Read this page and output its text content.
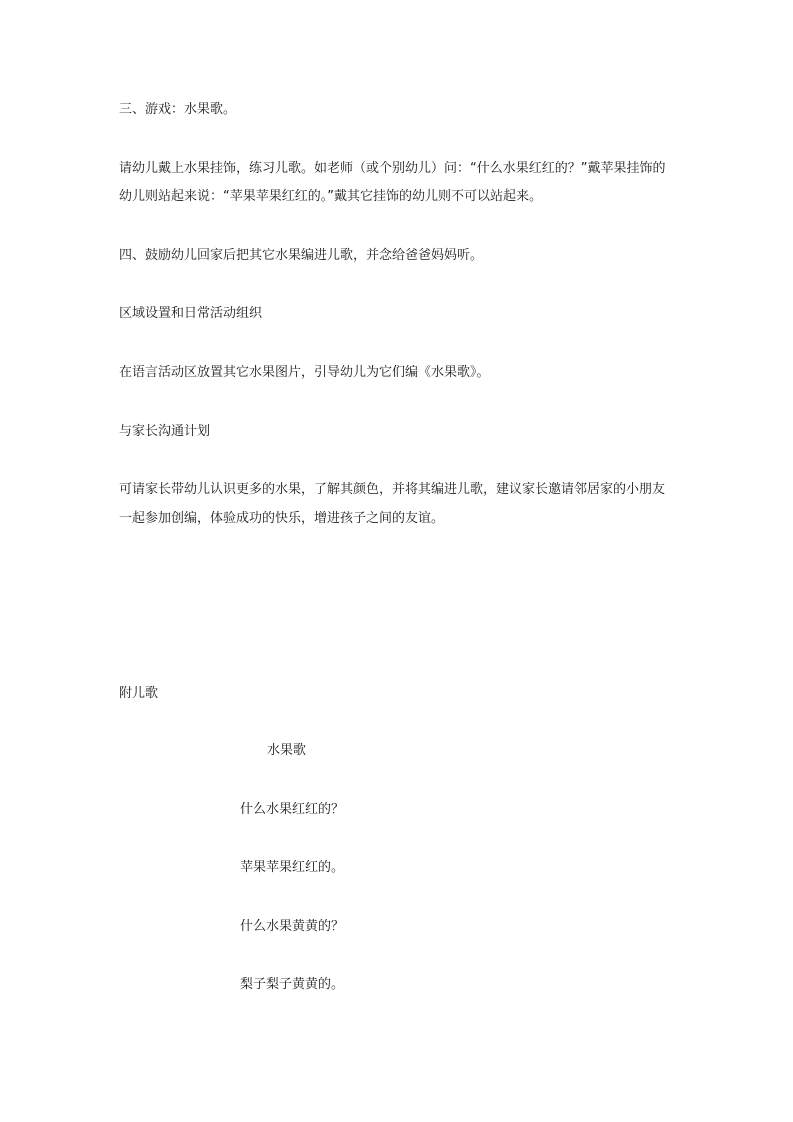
三、游戏：水果歌。

请幼儿戴上水果挂饰，练习儿歌。如老师（或个别幼儿）问：“什么水果红红的？”戴苹果挂饰的

幼儿则站起来说：“苹果苹果红红的。”戴其它挂饰的幼儿则不可以站起来。

四、鼓励幼儿回家后把其它水果编进儿歌，并念给爸爸妈妈听。

区域设置和日常活动组织

在语言活动区放置其它水果图片，引导幼儿为它们编《水果歌》。

与家长沟通计划

可请家长带幼儿认识更多的水果，了解其颜色，并将其编进儿歌，建议家长邀请邻居家的小朋友

一起参加创编，体验成功的快乐，增进孩子之间的友谊。

附儿歌

水果歌

什么水果红红的？

苹果苹果红红的。

什么水果黄黄的？

梨子梨子黄黄的。
